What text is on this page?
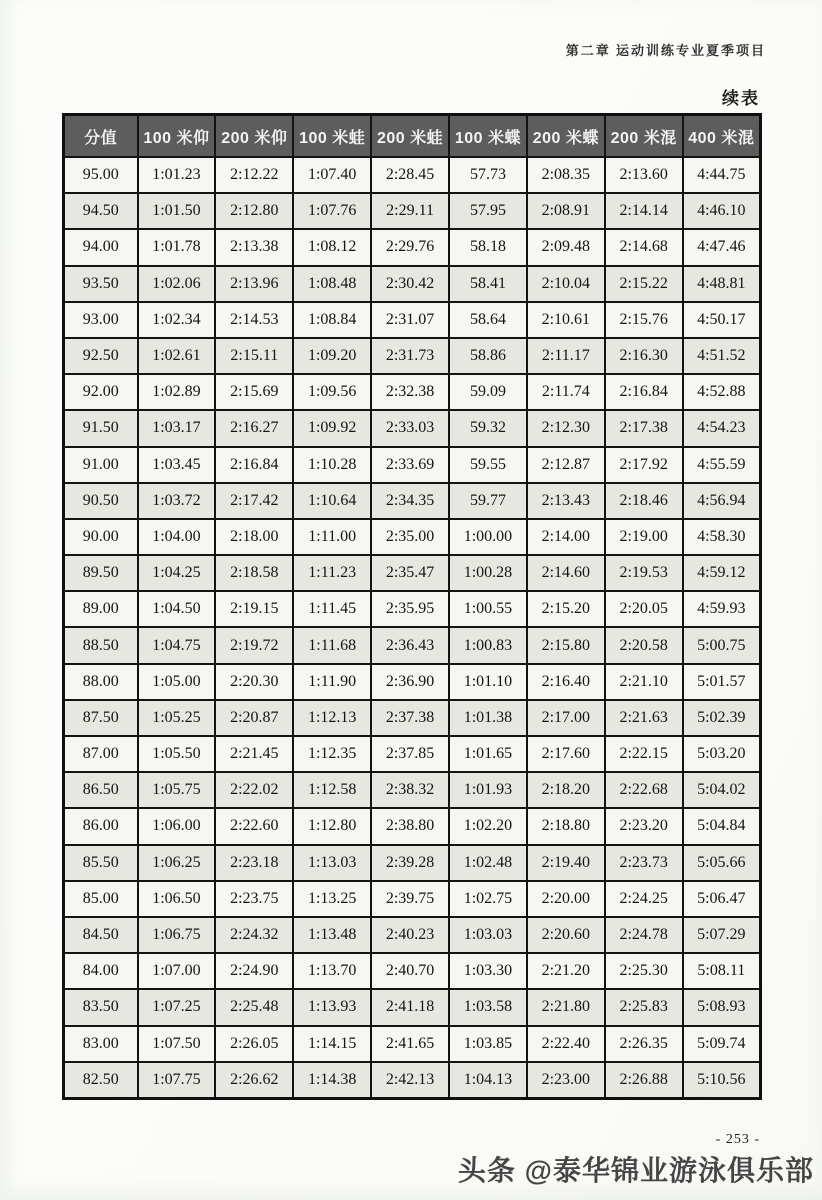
第二章 运动训练专业夏季项目
续表
分值	100 米仰	200 米仰	100 米蛙	200 米蛙	100 米蝶	200 米蝶	200 米混	400 米混
95.00	1:01.23	2:12.22	1:07.40	2:28.45	57.73	2:08.35	2:13.60	4:44.75
94.50	1:01.50	2:12.80	1:07.76	2:29.11	57.95	2:08.91	2:14.14	4:46.10
94.00	1:01.78	2:13.38	1:08.12	2:29.76	58.18	2:09.48	2:14.68	4:47.46
93.50	1:02.06	2:13.96	1:08.48	2:30.42	58.41	2:10.04	2:15.22	4:48.81
93.00	1:02.34	2:14.53	1:08.84	2:31.07	58.64	2:10.61	2:15.76	4:50.17
92.50	1:02.61	2:15.11	1:09.20	2:31.73	58.86	2:11.17	2:16.30	4:51.52
92.00	1:02.89	2:15.69	1:09.56	2:32.38	59.09	2:11.74	2:16.84	4:52.88
91.50	1:03.17	2:16.27	1:09.92	2:33.03	59.32	2:12.30	2:17.38	4:54.23
91.00	1:03.45	2:16.84	1:10.28	2:33.69	59.55	2:12.87	2:17.92	4:55.59
90.50	1:03.72	2:17.42	1:10.64	2:34.35	59.77	2:13.43	2:18.46	4:56.94
90.00	1:04.00	2:18.00	1:11.00	2:35.00	1:00.00	2:14.00	2:19.00	4:58.30
89.50	1:04.25	2:18.58	1:11.23	2:35.47	1:00.28	2:14.60	2:19.53	4:59.12
89.00	1:04.50	2:19.15	1:11.45	2:35.95	1:00.55	2:15.20	2:20.05	4:59.93
88.50	1:04.75	2:19.72	1:11.68	2:36.43	1:00.83	2:15.80	2:20.58	5:00.75
88.00	1:05.00	2:20.30	1:11.90	2:36.90	1:01.10	2:16.40	2:21.10	5:01.57
87.50	1:05.25	2:20.87	1:12.13	2:37.38	1:01.38	2:17.00	2:21.63	5:02.39
87.00	1:05.50	2:21.45	1:12.35	2:37.85	1:01.65	2:17.60	2:22.15	5:03.20
86.50	1:05.75	2:22.02	1:12.58	2:38.32	1:01.93	2:18.20	2:22.68	5:04.02
86.00	1:06.00	2:22.60	1:12.80	2:38.80	1:02.20	2:18.80	2:23.20	5:04.84
85.50	1:06.25	2:23.18	1:13.03	2:39.28	1:02.48	2:19.40	2:23.73	5:05.66
85.00	1:06.50	2:23.75	1:13.25	2:39.75	1:02.75	2:20.00	2:24.25	5:06.47
84.50	1:06.75	2:24.32	1:13.48	2:40.23	1:03.03	2:20.60	2:24.78	5:07.29
84.00	1:07.00	2:24.90	1:13.70	2:40.70	1:03.30	2:21.20	2:25.30	5:08.11
83.50	1:07.25	2:25.48	1:13.93	2:41.18	1:03.58	2:21.80	2:25.83	5:08.93
83.00	1:07.50	2:26.05	1:14.15	2:41.65	1:03.85	2:22.40	2:26.35	5:09.74
82.50	1:07.75	2:26.62	1:14.38	2:42.13	1:04.13	2:23.00	2:26.88	5:10.56
- 253 -
头条 @泰华锦业游泳俱乐部
